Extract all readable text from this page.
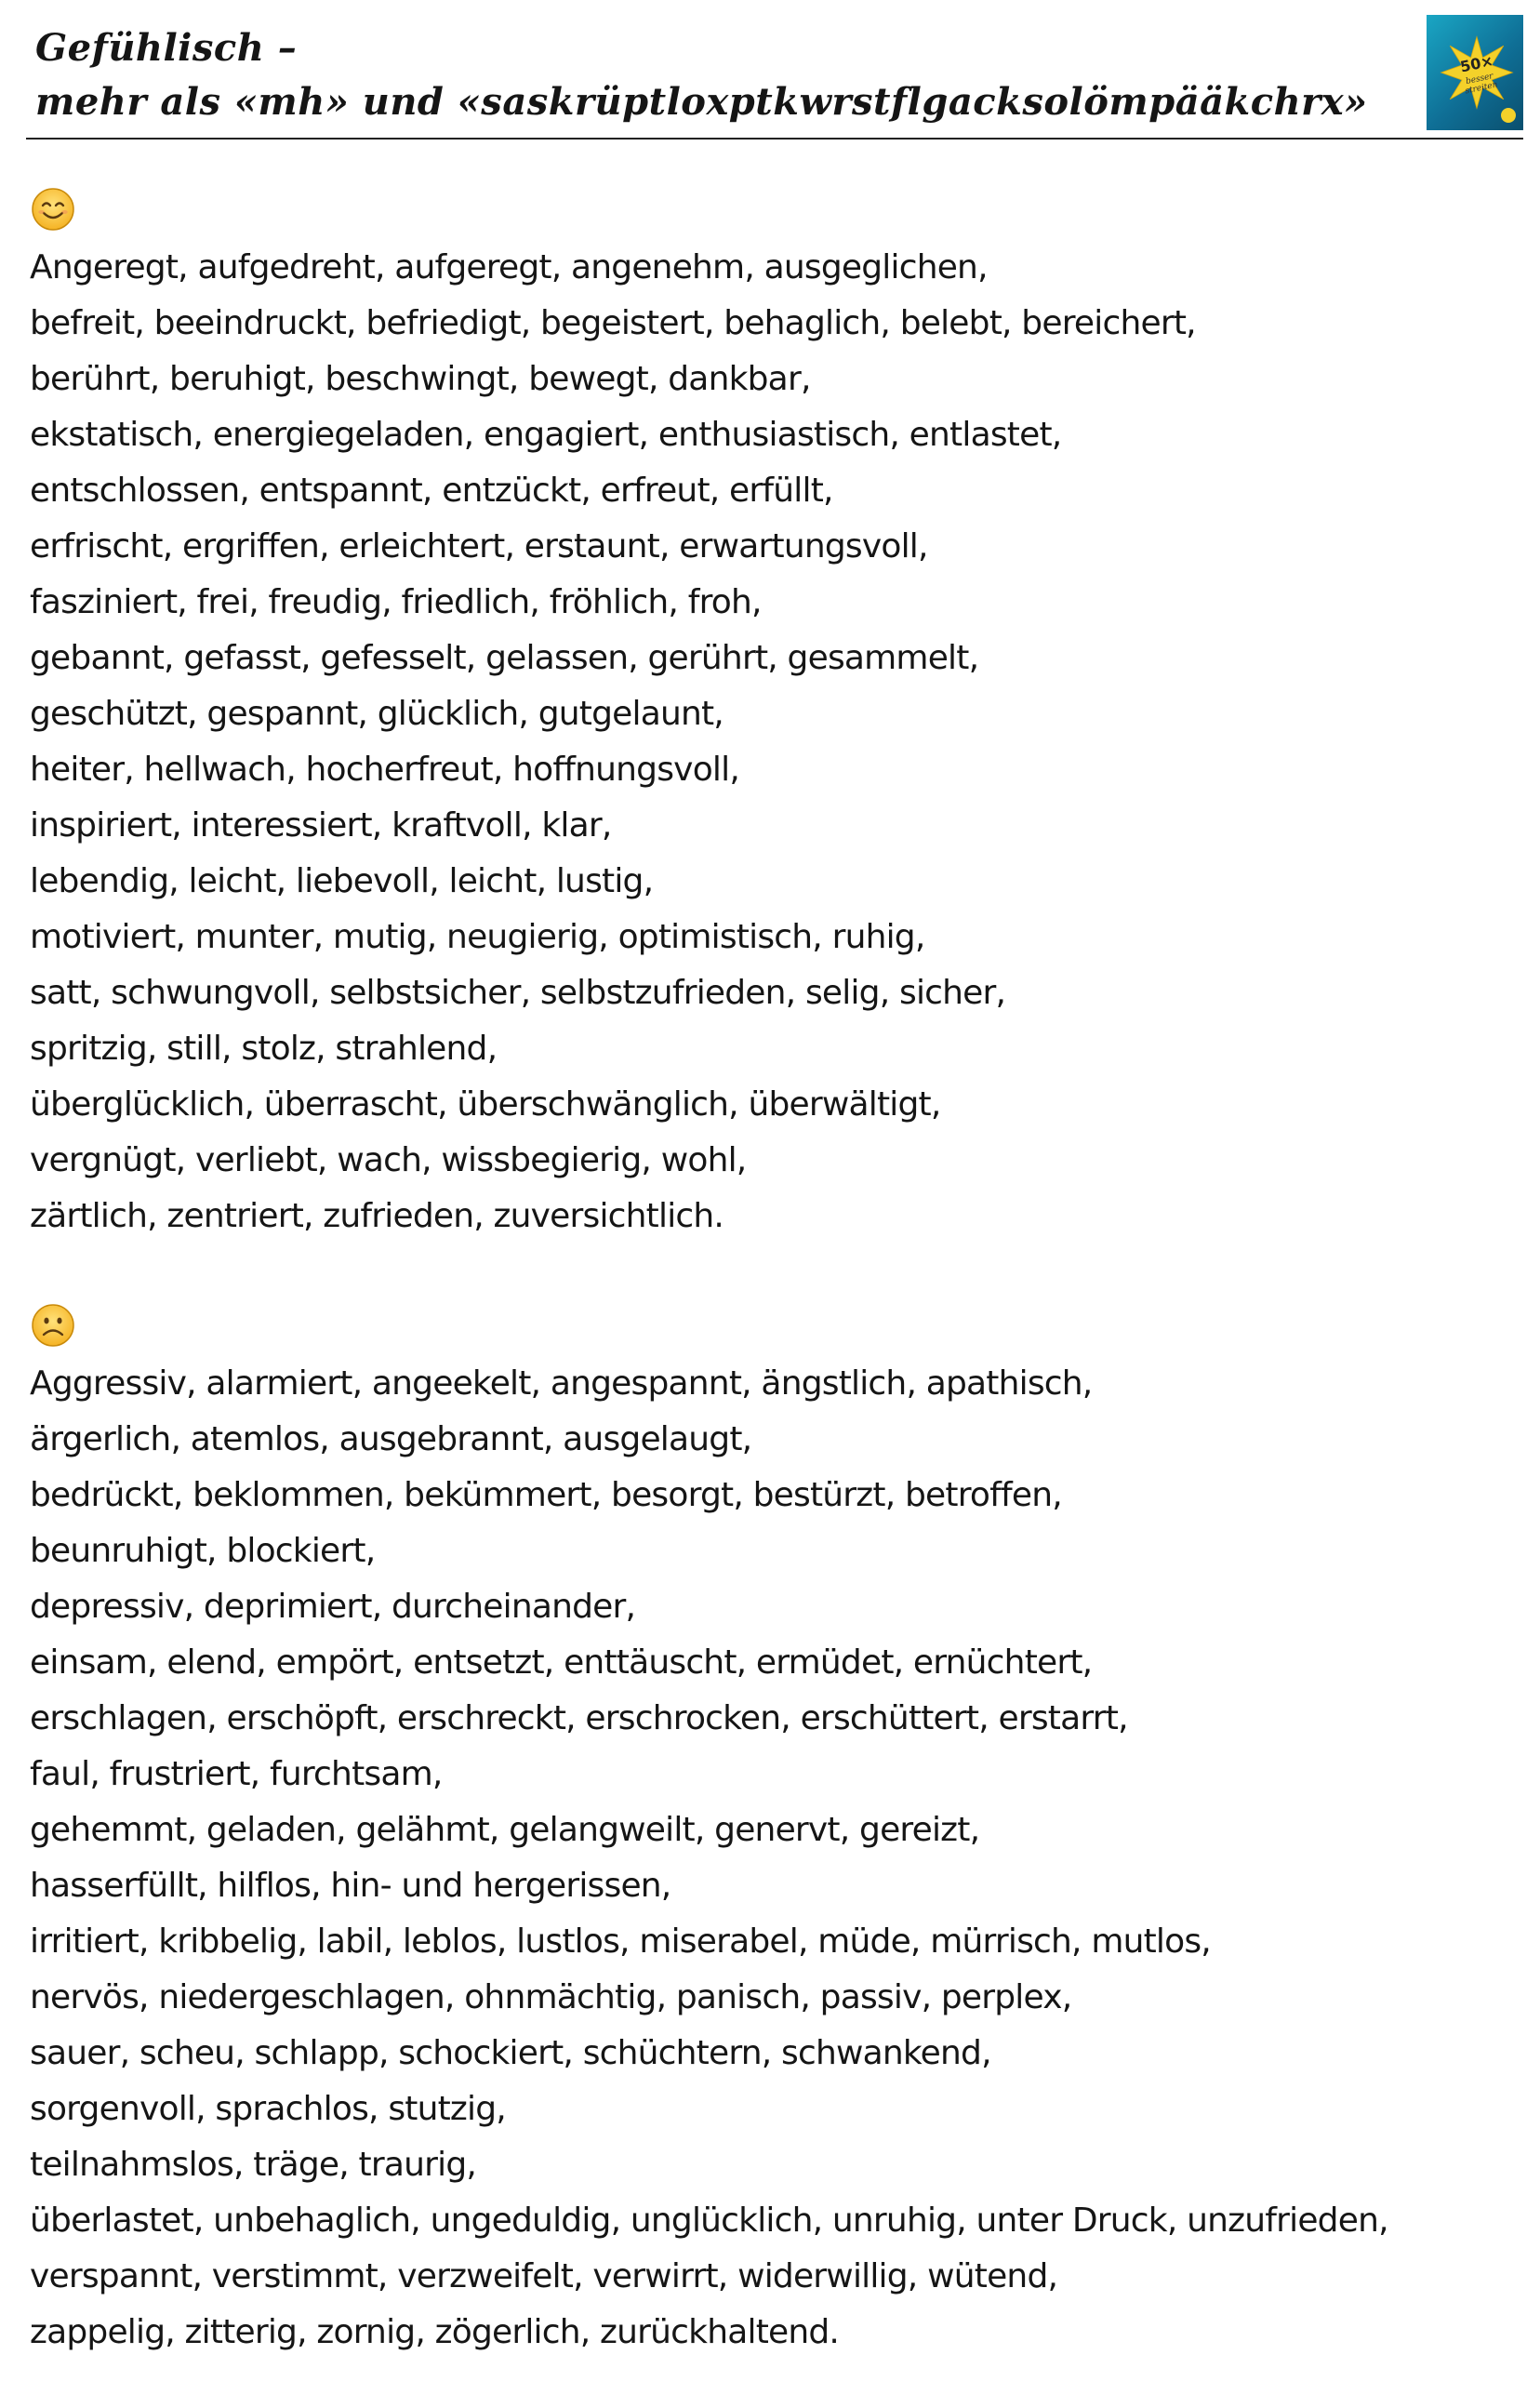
Gefühlisch –
mehr als «mh» und «saskrüptloxptkwrstflgacksolömpääkchrx»
50×
besser streiten
Angeregt, aufgedreht, aufgeregt, angenehm, ausgeglichen,
befreit, beeindruckt, befriedigt, begeistert, behaglich, belebt, bereichert,
berührt, beruhigt, beschwingt, bewegt, dankbar,
ekstatisch, energiegeladen, engagiert, enthusiastisch, entlastet,
entschlossen, entspannt, entzückt, erfreut, erfüllt,
erfrischt, ergriffen, erleichtert, erstaunt, erwartungsvoll,
fasziniert, frei, freudig, friedlich, fröhlich, froh,
gebannt, gefasst, gefesselt, gelassen, gerührt, gesammelt,
geschützt, gespannt, glücklich, gutgelaunt,
heiter, hellwach, hocherfreut, hoffnungsvoll,
inspiriert, interessiert, kraftvoll, klar,
lebendig, leicht, liebevoll, leicht, lustig,
motiviert, munter, mutig, neugierig, optimistisch, ruhig,
satt, schwungvoll, selbstsicher, selbstzufrieden, selig, sicher,
spritzig, still, stolz, strahlend,
überglücklich, überrascht, überschwänglich, überwältigt,
vergnügt, verliebt, wach, wissbegierig, wohl,
zärtlich, zentriert, zufrieden, zuversichtlich.
Aggressiv, alarmiert, angeekelt, angespannt, ängstlich, apathisch,
ärgerlich, atemlos, ausgebrannt, ausgelaugt,
bedrückt, beklommen, bekümmert, besorgt, bestürzt, betroffen,
beunruhigt, blockiert,
depressiv, deprimiert, durcheinander,
einsam, elend, empört, entsetzt, enttäuscht, ermüdet, ernüchtert,
erschlagen, erschöpft, erschreckt, erschrocken, erschüttert, erstarrt,
faul, frustriert, furchtsam,
gehemmt, geladen, gelähmt, gelangweilt, genervt, gereizt,
hasserfüllt, hilflos, hin- und hergerissen,
irritiert, kribbelig, labil, leblos, lustlos, miserabel, müde, mürrisch, mutlos,
nervös, niedergeschlagen, ohnmächtig, panisch, passiv, perplex,
sauer, scheu, schlapp, schockiert, schüchtern, schwankend,
sorgenvoll, sprachlos, stutzig,
teilnahmslos, träge, traurig,
überlastet, unbehaglich, ungeduldig, unglücklich, unruhig, unter Druck, unzufrieden,
verspannt, verstimmt, verzweifelt, verwirrt, widerwillig, wütend,
zappelig, zitterig, zornig, zögerlich, zurückhaltend.
